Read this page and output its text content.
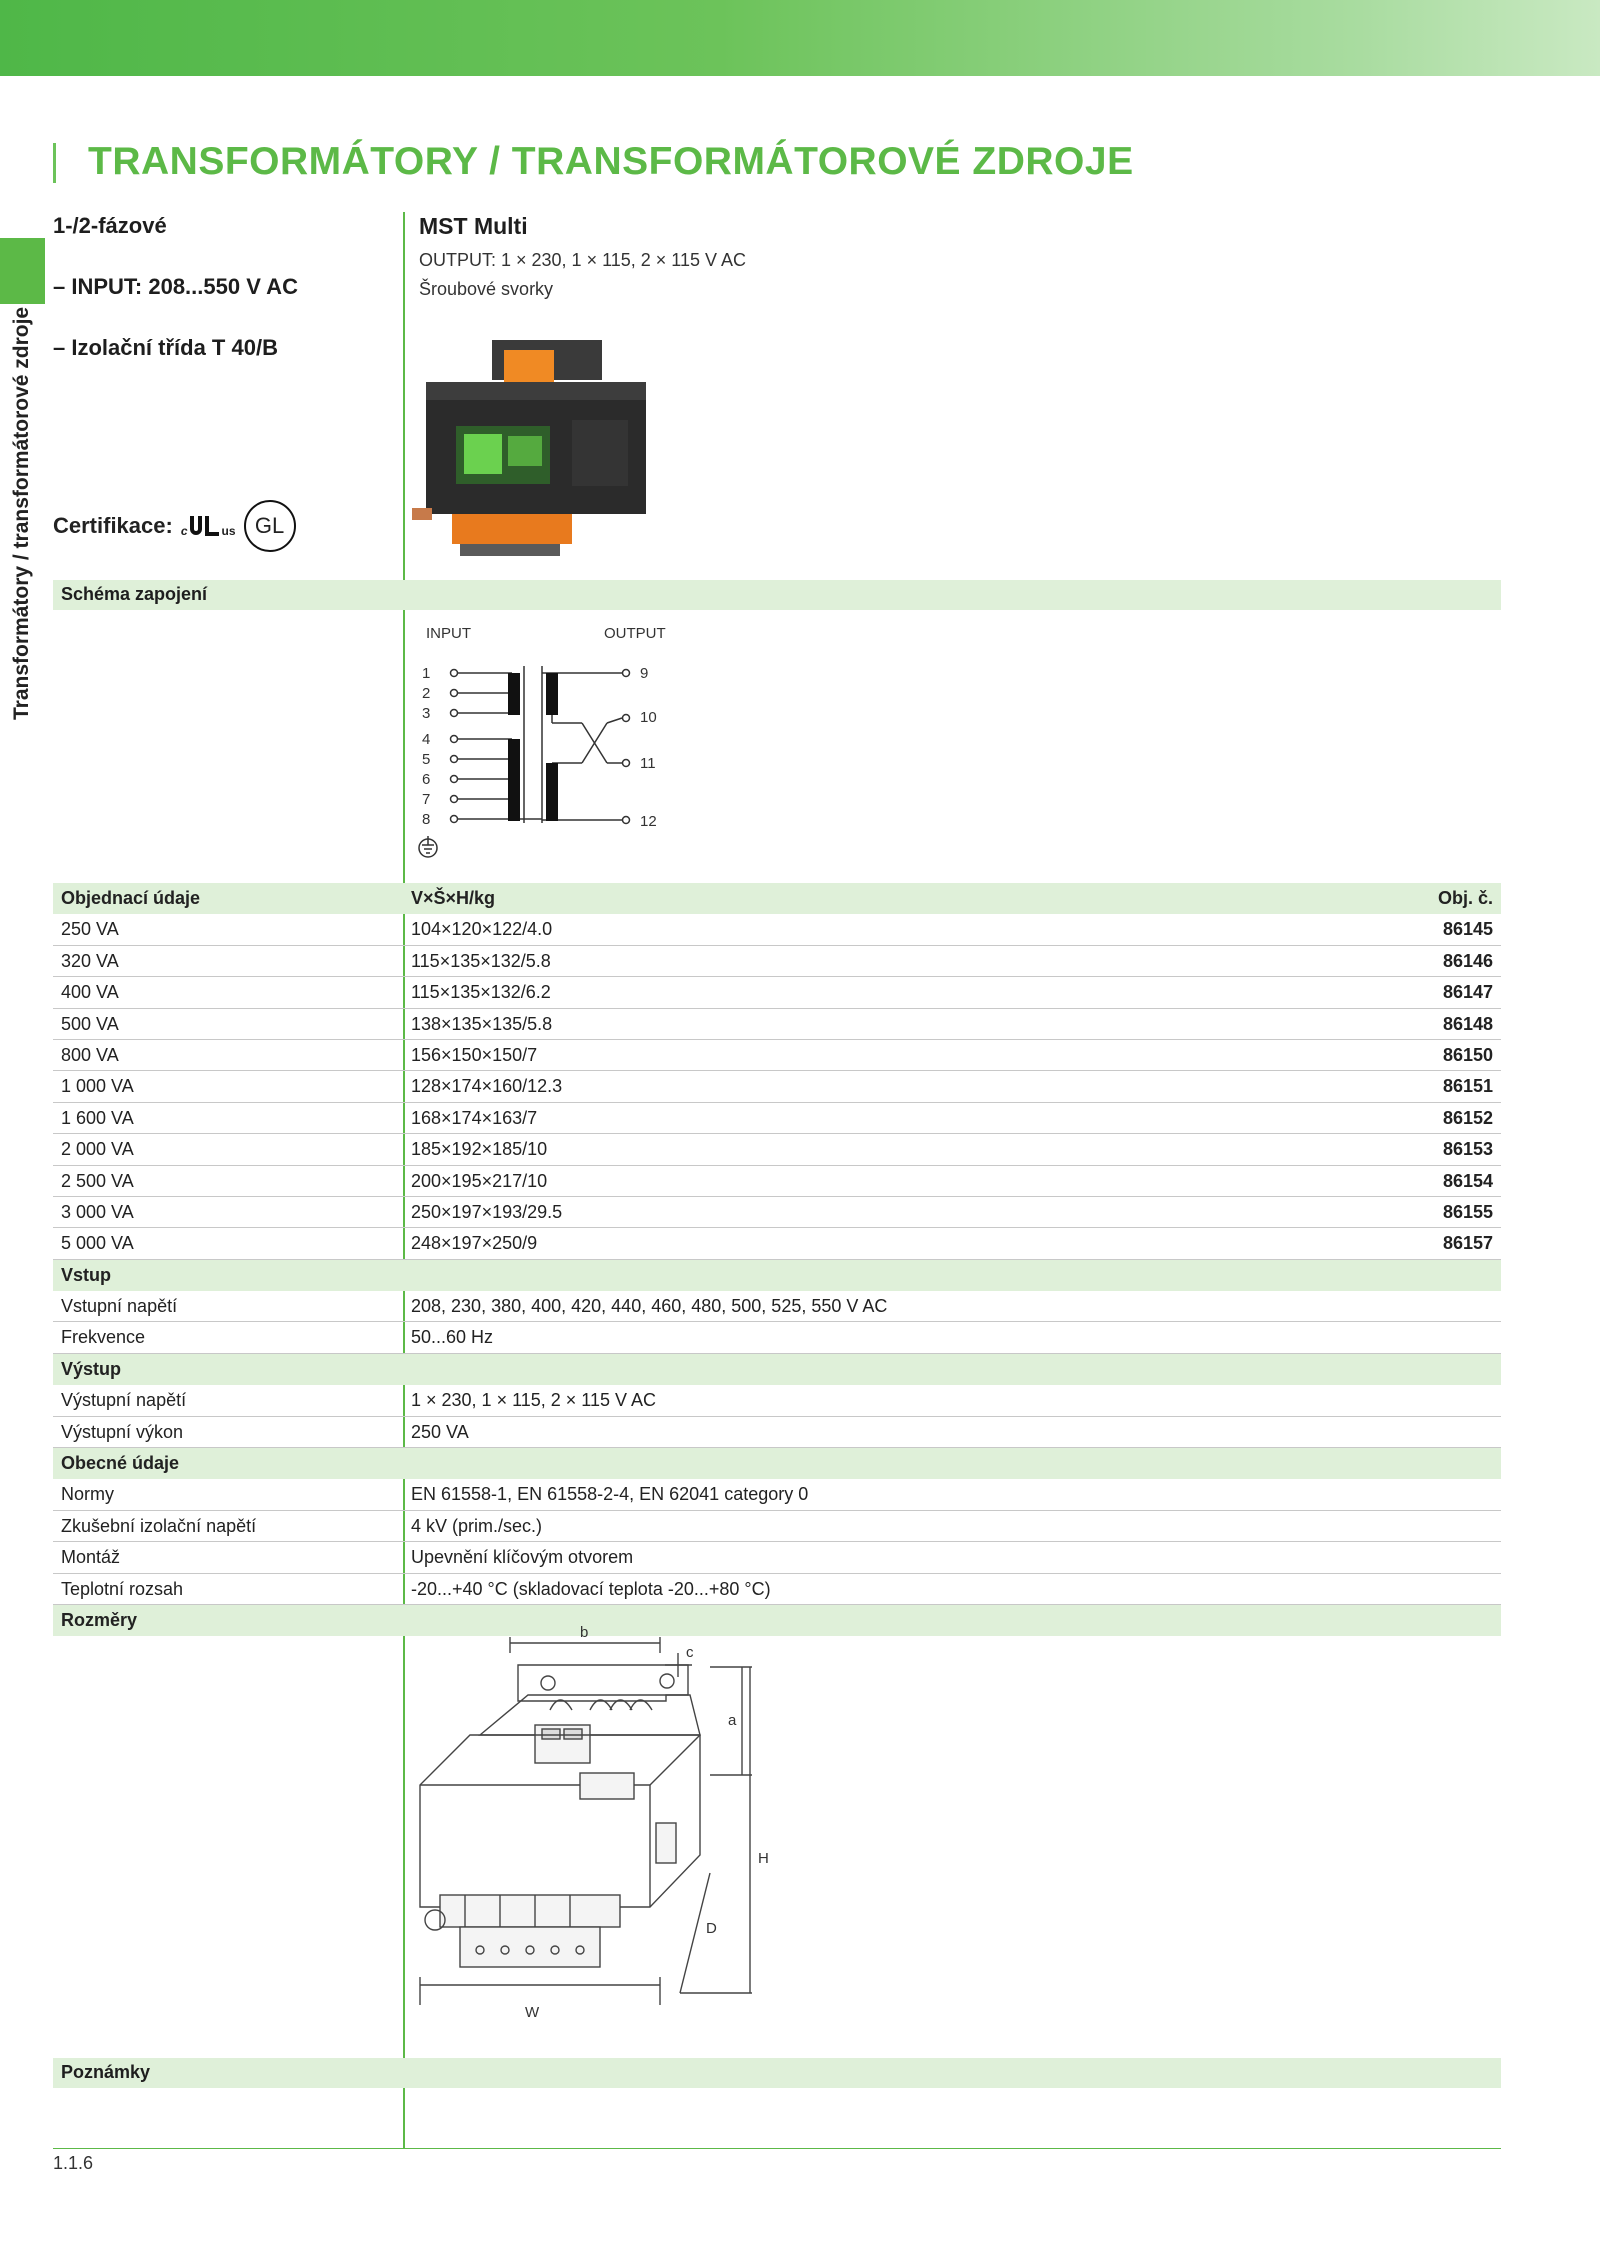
TRANSFORMÁTORY / TRANSFORMÁTOROVÉ ZDROJE
Transformátory / transformátorové zdroje
1-/2-fázové
– INPUT: 208...550 V AC
– Izolační třída T 40/B
Certifikace: c	us GL
MST Multi
OUTPUT: 1 × 230, 1 × 115, 2 × 115 V AC
Šroubové svorky
Schéma zapojení
INPUT	OUTPUT
1
2
3
4
5
6
7
8
9
10
11
12
Objednací údaje	V×Š×H/kg	Obj. č.
250 VA	104×120×122/4.0	86145
320 VA	115×135×132/5.8	86146
400 VA	115×135×132/6.2	86147
500 VA	138×135×135/5.8	86148
800 VA	156×150×150/7	86150
1 000 VA	128×174×160/12.3	86151
1 600 VA	168×174×163/7	86152
2 000 VA	185×192×185/10	86153
2 500 VA	200×195×217/10	86154
3 000 VA	250×197×193/29.5	86155
5 000 VA	248×197×250/9	86157
Vstup
Vstupní napětí	208, 230, 380, 400, 420, 440, 460, 480, 500, 525, 550 V AC
Frekvence	50...60 Hz
Výstup
Výstupní napětí	1 × 230, 1 × 115, 2 × 115 V AC
Výstupní výkon	250 VA
Obecné údaje
Normy	EN 61558-1, EN 61558-2-4, EN 62041 category 0
Zkušební izolační napětí	4 kV (prim./sec.)
Montáž	Upevnění klíčovým otvorem
Teplotní rozsah	-20...+40 °C (skladovací teplota -20...+80 °C)
Rozměry
b
c
a
H
D
W
Poznámky
1.1.6
